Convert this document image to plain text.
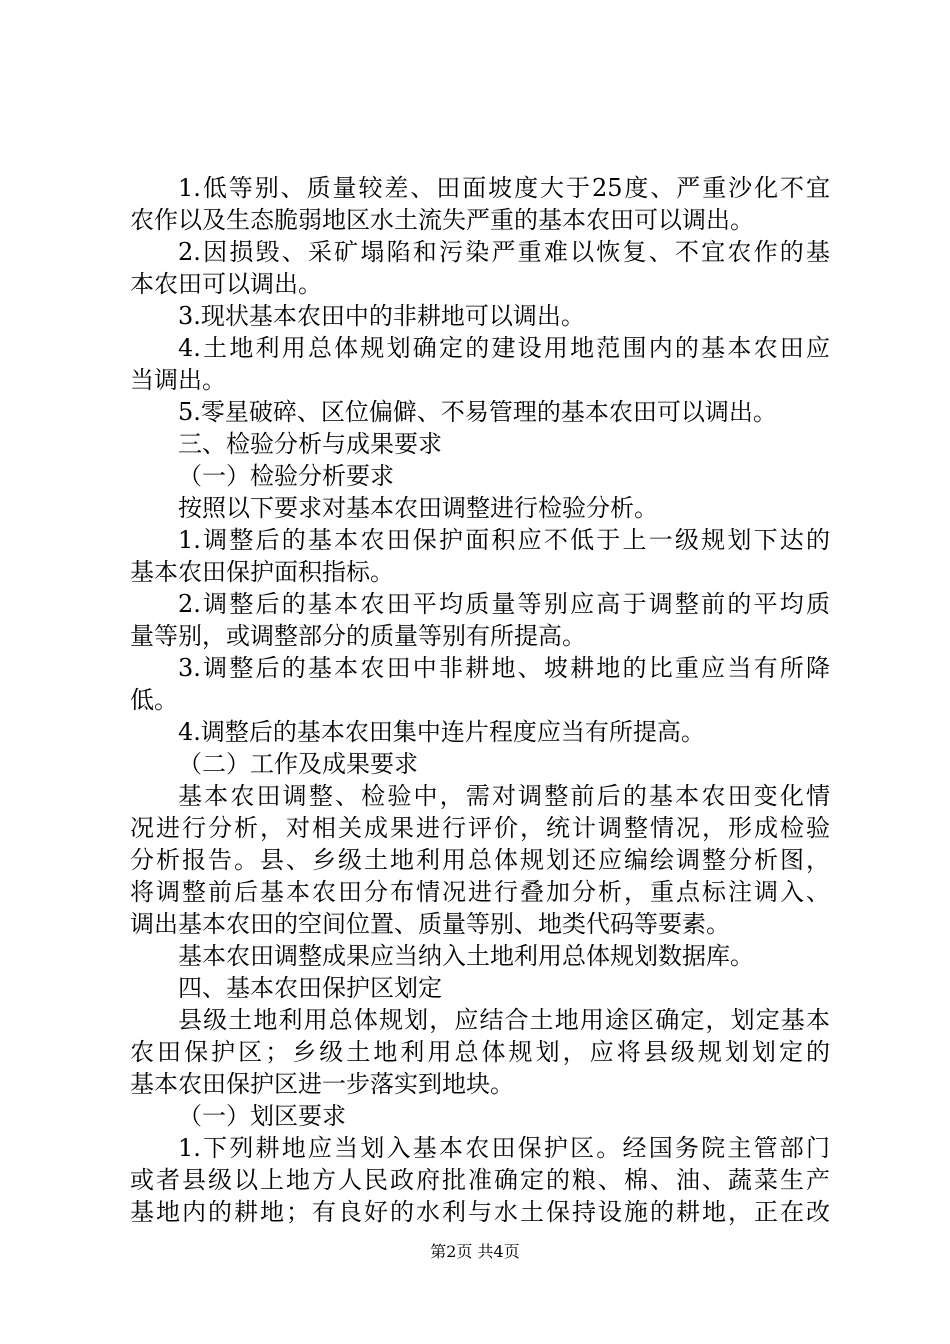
1.低等别、质量较差、田面坡度大于25度、严重沙化不宜
农作以及生态脆弱地区水土流失严重的基本农田可以调出。
2.因损毁、采矿塌陷和污染严重难以恢复、不宜农作的基
本农田可以调出。
3.现状基本农田中的非耕地可以调出。
4.土地利用总体规划确定的建设用地范围内的基本农田应
当调出。
5.零星破碎、区位偏僻、不易管理的基本农田可以调出。
三、检验分析与成果要求
（一）检验分析要求
按照以下要求对基本农田调整进行检验分析。
1.调整后的基本农田保护面积应不低于上一级规划下达的
基本农田保护面积指标。
2.调整后的基本农田平均质量等别应高于调整前的平均质
量等别，或调整部分的质量等别有所提高。
3.调整后的基本农田中非耕地、坡耕地的比重应当有所降
低。
4.调整后的基本农田集中连片程度应当有所提高。
（二）工作及成果要求
基本农田调整、检验中，需对调整前后的基本农田变化情
况进行分析，对相关成果进行评价，统计调整情况，形成检验
分析报告。县、乡级土地利用总体规划还应编绘调整分析图，
将调整前后基本农田分布情况进行叠加分析，重点标注调入、
调出基本农田的空间位置、质量等别、地类代码等要素。
基本农田调整成果应当纳入土地利用总体规划数据库。
四、基本农田保护区划定
县级土地利用总体规划，应结合土地用途区确定，划定基本
农田保护区；乡级土地利用总体规划，应将县级规划划定的
基本农田保护区进一步落实到地块。
（一）划区要求
1.下列耕地应当划入基本农田保护区。经国务院主管部门
或者县级以上地方人民政府批准确定的粮、棉、油、蔬菜生产
基地内的耕地；有良好的水利与水土保持设施的耕地，正在改
第2页 共4页
